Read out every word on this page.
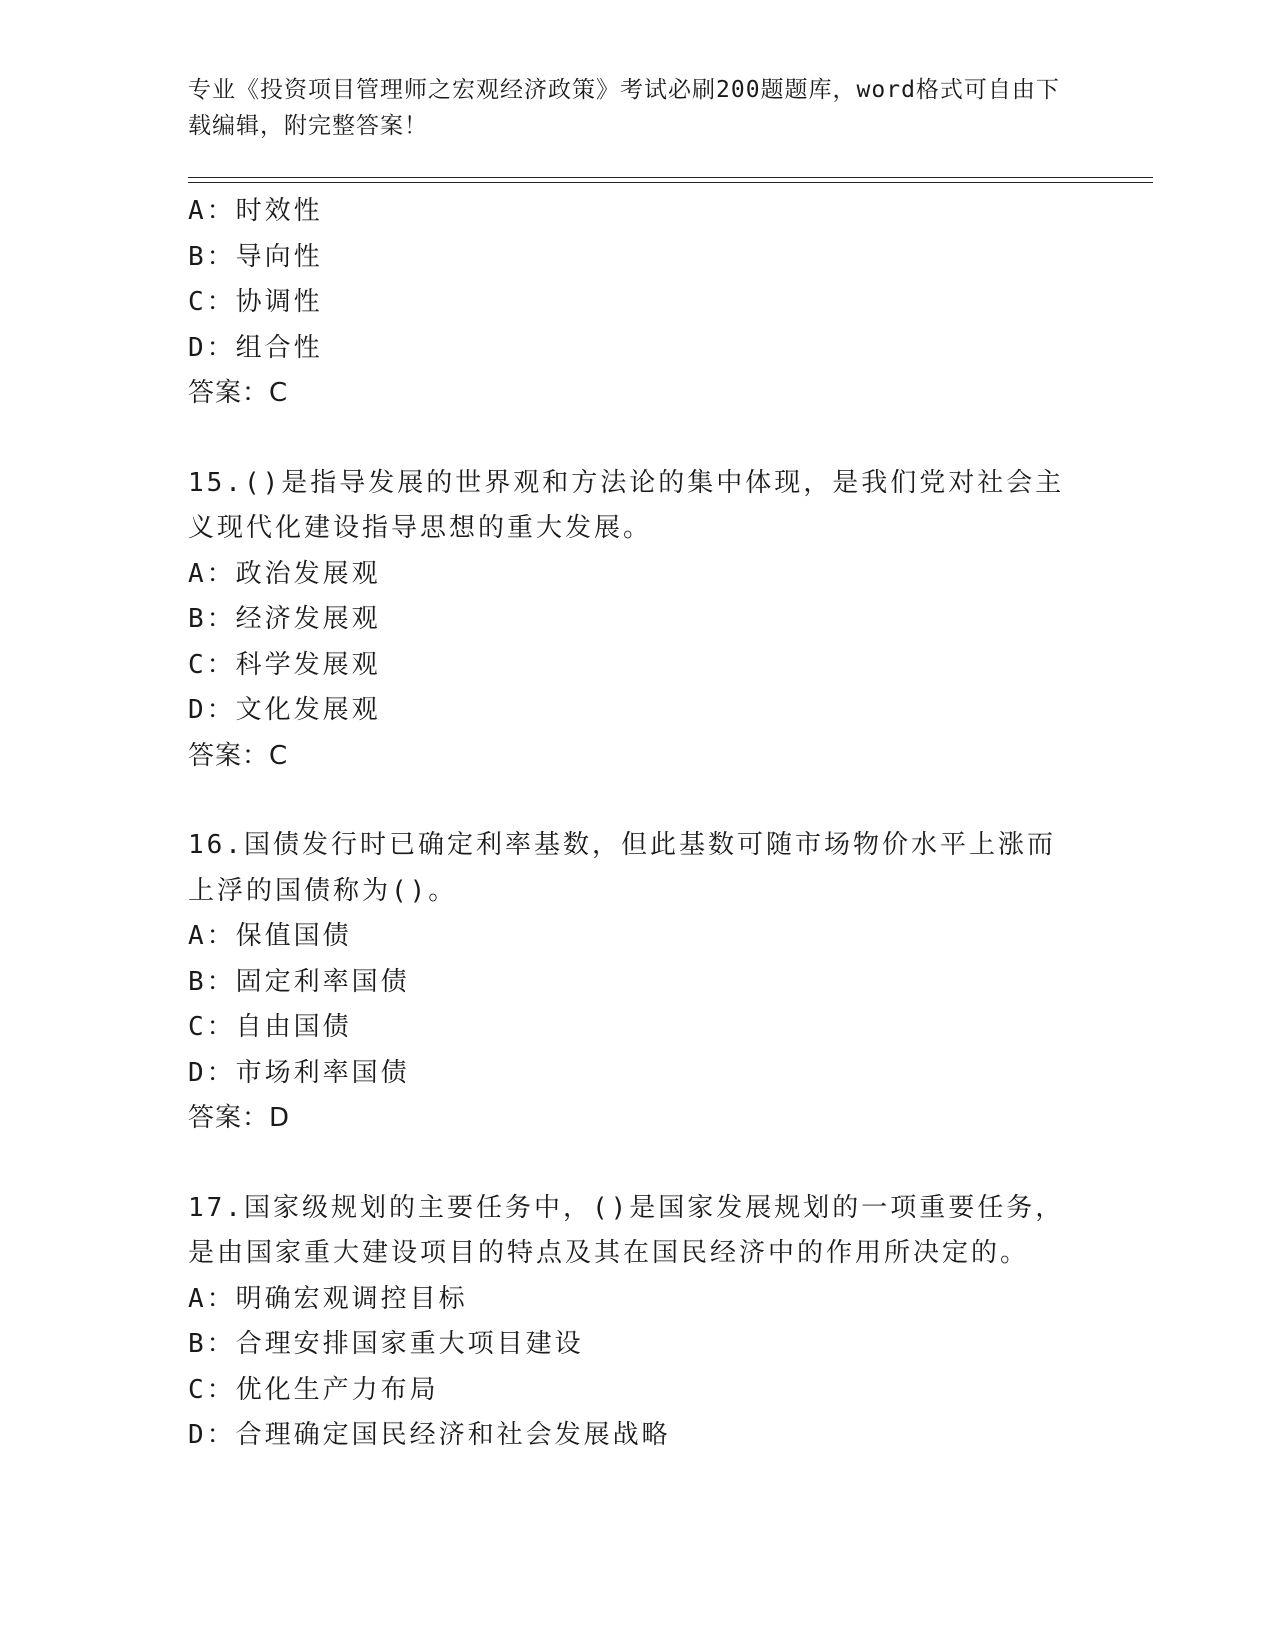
专业《投资项目管理师之宏观经济政策》考试必刷200题题库，word格式可自由下载编辑，附完整答案！
A：时效性
B：导向性
C：协调性
D：组合性
答案：C
15.()是指导发展的世界观和方法论的集中体现，是我们党对社会主义现代化建设指导思想的重大发展。
A：政治发展观
B：经济发展观
C：科学发展观
D：文化发展观
答案：C
16.国债发行时已确定利率基数，但此基数可随市场物价水平上涨而上浮的国债称为()。
A：保值国债
B：固定利率国债
C：自由国债
D：市场利率国债
答案：D
17.国家级规划的主要任务中，()是国家发展规划的一项重要任务，是由国家重大建设项目的特点及其在国民经济中的作用所决定的。
A：明确宏观调控目标
B：合理安排国家重大项目建设
C：优化生产力布局
D：合理确定国民经济和社会发展战略
